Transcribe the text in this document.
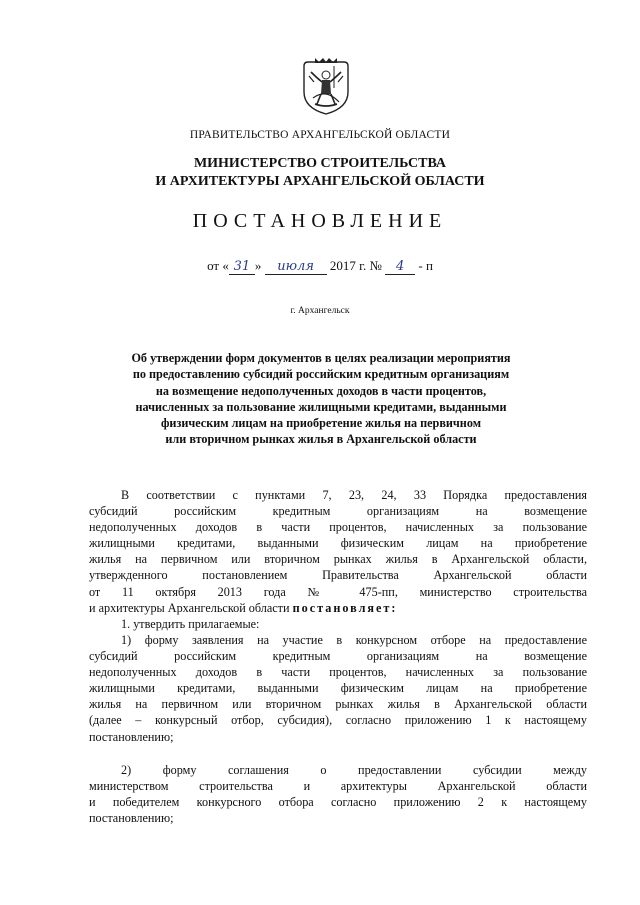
ПРАВИТЕЛЬСТВО АРХАНГЕЛЬСКОЙ ОБЛАСТИ
МИНИСТЕРСТВО СТРОИТЕЛЬСТВА
И АРХИТЕКТУРЫ АРХАНГЕЛЬСКОЙ ОБЛАСТИ
ПОСТАНОВЛЕНИЕ
от « 31 » июля 2017 г. № 4 - п
г. Архангельск
Об утверждении форм документов в целях реализации мероприятия
по предоставлению субсидий российским кредитным организациям
на возмещение недополученных доходов в части процентов,
начисленных за пользование жилищными кредитами, выданными
физическим лицам на приобретение жилья на первичном
или вторичном рынках жилья в Архангельской области
В соответствии с пунктами 7, 23, 24, 33 Порядка предоставления
субсидий российским кредитным организациям на возмещение
недополученных доходов в части процентов, начисленных за пользование
жилищными кредитами, выданными физическим лицам на приобретение
жилья на первичном или вторичном рынках жилья в Архангельской области,
утвержденного постановлением Правительства Архангельской области
от 11 октября 2013 года № 475-пп, министерство строительства
и архитектуры Архангельской области постановляет:
1. утвердить прилагаемые:
1) форму заявления на участие в конкурсном отборе на предоставление
субсидий российским кредитным организациям на возмещение
недополученных доходов в части процентов, начисленных за пользование
жилищными кредитами, выданными физическим лицам на приобретение
жилья на первичном или вторичном рынках жилья в Архангельской области
(далее – конкурсный отбор, субсидия), согласно приложению 1 к настоящему
постановлению;
2) форму соглашения о предоставлении субсидии между
министерством строительства и архитектуры Архангельской области
и победителем конкурсного отбора согласно приложению 2 к настоящему
постановлению;
